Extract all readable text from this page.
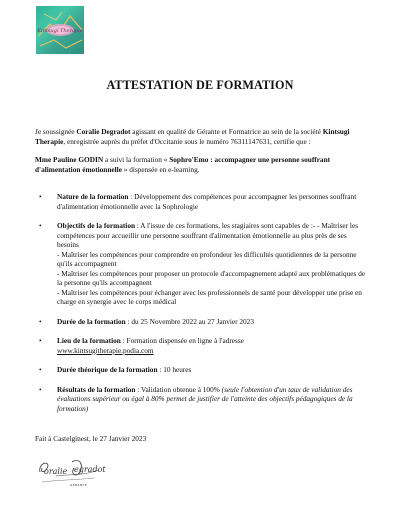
Kintsugi Therapie
ATTESTATION DE FORMATION
Je soussignée Coralie Degradot agissant en qualité de Gérante et Formatrice au sein de la société Kintsugi Therapie, enregistrée auprès du préfet d'Occitanie sous le numéro 76311147631, certifie que :
Mme Pauline GODIN a suivi la formation « Sophro'Emo : accompagner une personne souffrant d'alimentation émotionnelle » dispensée en e-learning.
• Nature de la formation : Développement des compétences pour accompagner les personnes souffrant d'alimentation émotionnelle avec la Sophrologie
• Objectifs de la formation : A l'issue de ces formations, les stagiaires sont capables de :- - Maîtriser les compétences pour accueillir une personne souffrant d'alimentation émotionnelle au plus près de ses besoins
- Maîtriser les compétences pour comprendre en profondeur les difficultés quotidiennes de la personne qu'ils accompagnent
- Maîtriser les compétences pour proposer un protocole d'accompagnement adapté aux problématiques de la personne qu'ils accompagnent
- Maîtriser les compétences pour échanger avec les professionnels de santé pour développer une prise en charge en synergie avec le corps médical
• Durée de la formation : du 25 Novembre 2022 au 27 Janvier 2023
• Lieu de la formation : Formation dispensée en ligne à l'adresse
www.kintsugitherapie.podia.com
• Durée théorique de la formation : 10 heures
• Résultats de la formation : Validation obtenue à 100% (seule l'obtention d'un taux de validation des évaluations supérieur ou égal à 80% permet de justifier de l'atteinte des objectifs pédagogiques de la formation)
Fait à Castelginest, le 27 Janvier 2023
oralie egradot
GÉRANTE
